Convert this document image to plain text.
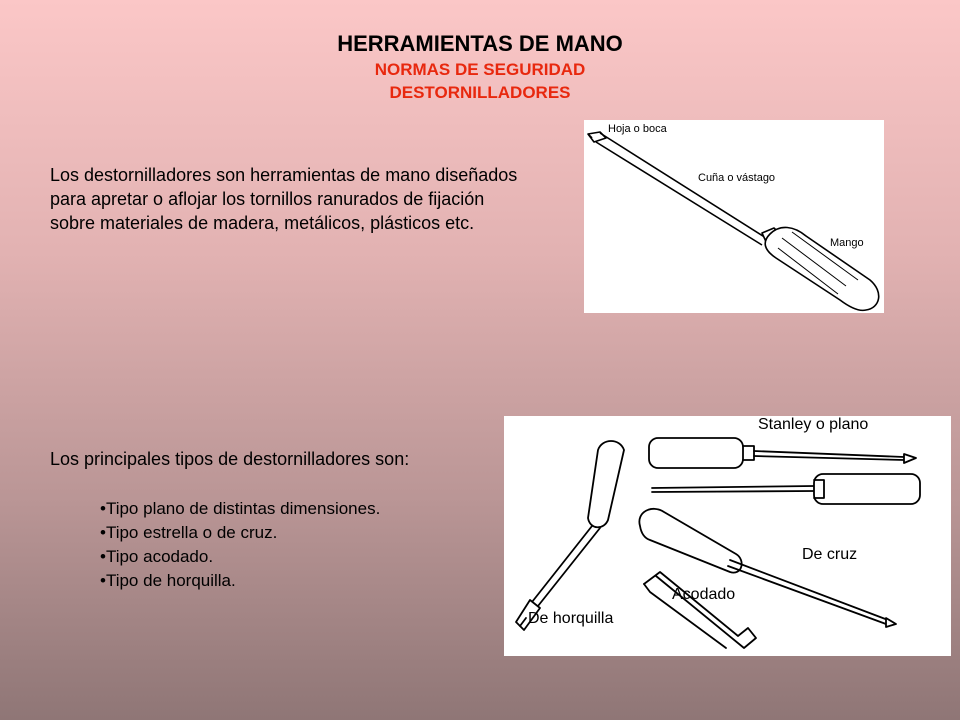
HERRAMIENTAS DE MANO
NORMAS DE SEGURIDAD
DESTORNILLADORES
Los destornilladores son herramientas de mano diseñados para apretar o aflojar los tornillos ranurados de fijación sobre materiales de madera, metálicos, plásticos etc.
Hoja o boca
Cuña o vástago
Mango
Los principales tipos de destornilladores son:
•Tipo plano de distintas dimensiones.
•Tipo estrella o de cruz.
•Tipo acodado.
•Tipo de horquilla.
Stanley o plano
De cruz
Acodado
De horquilla
